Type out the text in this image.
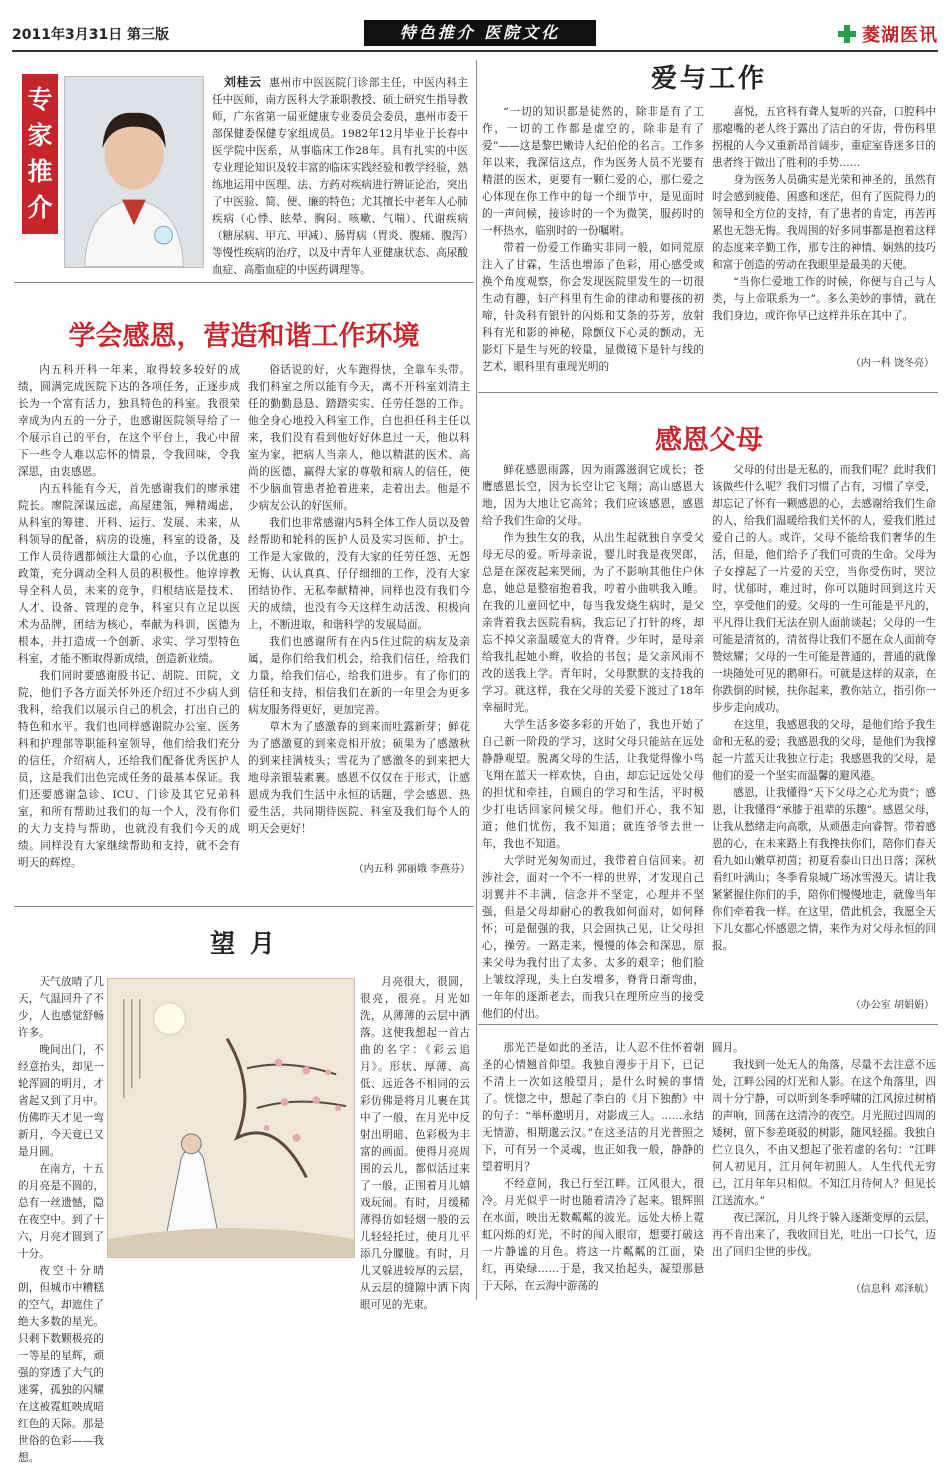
2011年3月31日 第三版	特色推介 医院文化	菱湖医讯
专家推介
刘桂云 惠州市中医医院门诊部主任，中医内科主任中医师，南方医科大学兼职教授、硕士研究生指导教师，广东省第一届亚健康专业委员会委员，惠州市委干部保健委保健专家组成员。1982年12月毕业于长春中医学院中医系，从事临床工作28年。具有扎实的中医专业理论知识及较丰富的临床实践经验和教学经验，熟练地运用中医理、法、方药对疾病进行辨证论治，突出了中医验、简、便、廉的特色；尤其擅长中老年人心肺疾病（心悸、眩晕、胸闷、咳嗽、气喘）、代谢疾病（糖尿病、甲亢、甲减）、肠胃病（胃炎、腹痛、腹泻）等慢性疾病的治疗，以及中青年人亚健康状态、高尿酸血症、高脂血症的中医药调理等。
学会感恩，营造和谐工作环境

内五科开科一年来，取得较多较好的成绩，圆满完成医院下达的各项任务，正逐步成长为一个富有活力，独具特色的科室。我很荣幸成为内五的一分子，也感谢医院领导给了一个展示自己的平台，在这个平台上，我心中留下一些令人难以忘怀的情景，令我回味，令我深思，由衷感恩。

内五科能有今天，首先感谢我们的廖承建院长。廖院深谋远虑，高屋建瓴，殚精竭虑，从科室的筹建、开科、运行、发展、未来，从科领导的配备，病房的设施，科室的设备，及工作人员待遇都倾注大量的心血，予以优惠的政策，充分调动全科人员的积极性。他谆谆教导全科人员，未来的竞争，归根结底是技术、人才、设备、管理的竞争，科室只有立足以医术为品牌，团结为核心，奉献为科训，医德为根本，并打造成一个创新、求实、学习型特色科室，才能不断取得新成绩，创造新业绩。

我们同时要感谢股书记、胡院、田院，文院，他们予各方面关怀外还介绍过不少病人到我科，给我们以展示自己的机会，打出自己的特色和水平。我们也同样感谢院办公室、医务科和护理部等职能科室领导，他们给我们充分的信任，介绍病人，还给我们配备优秀医护人员，这是我们出色完成任务的最基本保证。我们还要感谢急诊、ICU、门诊及其它兄弟科室，和所有帮助过我们的每一个人，没有你们的大力支持与帮助，也就没有我们今天的成绩。同样没有大家继续帮助和支持，就不会有明天的辉煌。

俗话说的好，火车跑得快，全靠车头带。我们科室之所以能有今天，离不开科室刘清主任的勤勤恳恳、踏踏实实、任劳任怨的工作。他全身心地投入科室工作，白也担任科主任以来，我们没有看到他好好休息过一天，他以科室为家，把病人当亲人，他以精湛的医术、高尚的医德，赢得大家的尊敬和病人的信任，使不少脑血管患者抢着进来，走着出去。他是不少病友公认的好医师。

我们也非常感谢内5科全体工作人员以及曾经帮助和轮科的医护人员及实习医师、护士。工作是大家做的，没有大家的任劳任怨、无怨无悔、认认真真、仔仔细细的工作，没有大家团结协作、无私奉献精神，同样也没有我们今天的成绩，也没有今天这样生动活泼、积极向上，不断进取，和谐科学的发展局面。

我们也感谢所有在内5住过院的病友及亲属，是你们给我们机会，给我们信任，给我们力量，给我们信心，给我们进步。有了你们的信任和支持，相信我们在新的一年里会为更多病友服务得更好，更加完善。

草木为了感激春的到来而吐露新芽；鲜花为了感激夏的到来竞相开放；硕果为了感激秋的到来挂满枝头；雪花为了感激冬的到来把大地母亲银装素裹。感恩不仅仅在于形式，让感恩成为我们生活中永恒的话题，学会感恩、热爱生活，共同期待医院、科室及我们每个人的明天会更好！

（内五科 郭丽娥 李燕芬）
爱与工作

“一切的知识都是徒然的，除非是有了工作，一切的工作都是虚空的，除非是有了爱”——这是黎巴嫩诗人纪伯伦的名言。工作多年以来，我深信这点，作为医务人员不光要有精湛的医术，更要有一颗仁爱的心，那仁爱之心体现在你工作中的每一个细节中，是见面时的一声问候，接诊时的一个为微笑，服药时的一杯热水，临别时的一份嘱咐。

带着一份爱工作确实非同一般，如同荒原注入了甘霖，生活也增添了色彩，用心感受或换个角度观察，你会发现医院里发生的一切很生动有趣，妇产科里有生命的律动和婴孩的初啼，针灸科有银针的闪烁和艾条的芬芳，放射科有光和影的神秘，除颤仪下心灵的颤动，无影灯下是生与死的较量，显微镜下是针与线的艺术，眼科里有重现光明的

喜悦，五官科有聋人复听的兴奋，口腔科中那瘪嘴的老人终于露出了洁白的牙齿，骨伤科里拐棍的人今又重新昂首阔步，重症室昏迷多日的患者终于做出了胜利的手势……

身为医务人员确实是光荣和神圣的，虽然有时会感到疲倦、困惑和迷茫，但有了医院得力的领导和全方位的支持，有了患者的肯定，再苦再累也无怨无悔。我周围的好多同事都是抱着这样的态度来辛勤工作，那专注的神情、娴熟的技巧和富于创造的劳动在我眼里是最美的天使。

“当你仁爱地工作的时候，你便与自己与人类，与上帝联系为一”。多么美妙的事情，就在我们身边，或许你早已这样并乐在其中了。

（内一科 饶冬亮）
感恩父母

鲜花感恩雨露，因为雨露滋润它成长；苍鹰感恩长空，因为长空让它飞翔；高山感恩大地，因为大地让它高耸；我们应该感恩，感恩给予我们生命的父母。

作为独生女的我，从出生起就独自享受父母无尽的爱。听母亲说，婴儿时我是夜哭郎，总是在深夜起来哭闹，为了不影响其他住户休息，她总是整宿抱着我，哼着小曲哄我入睡。在我的儿童回忆中，每当我发烧生病时，是父亲背着我去医院看病，我忘记了打针的疼，却忘不掉父亲温暖宽大的背脊。少年时，是母亲给我扎起她小辫，收拾的书包；是父亲风雨不改的送我上学。青年时，父母默默的支持我的学习。就这样，我在父母的关爱下渡过了18年幸福时光。

大学生活多姿多彩的开始了，我也开始了自己新一阶段的学习，这时父母只能站在远处静静观望。脱离父母的生活，让我觉得像小鸟飞翔在蓝天一样欢快，自由，却忘记远处父母的担忧和牵挂，自顾自的学习和生活，平时极少打电话回家问候父母。他们开心，我不知道；他们忧伤，我不知道；就连爷爷去世一年，我也不知道。

大学时光匆匆而过，我带着自信回来。初涉社会，面对一个不一样的世界，才发现自己羽翼并不丰满，信念并不坚定，心理并不坚强，但是父母却耐心的教我如何面对，如何释怀；可是倔强的我，只会固执己见，让父母担心，操劳。一路走来，慢慢的体会和深思，原来父母为我付出了太多、太多的艰辛；他们脸上皱纹浮现，头上白发增多，脊背日渐弯曲，一年年的逐渐老去，而我只在理所应当的接受他们的付出。

父母的付出是无私的，而我们呢？此时我们该做些什么呢？我们习惯了占有，习惯了享受，却忘记了怀有一颗感恩的心，去感谢给我们生命的人，给我们温暖给我们关怀的人，爱我们胜过爱自己的人。或许，父母不能给我们奢华的生活，但是，他们给予了我们可贵的生命。父母为子女撑起了一片爱的天空，当你受伤时，哭泣时，忧郁时，难过时，你可以随时回到这片天空，享受他们的爱。父母的一生可能是平凡的，平凡得让我们无法在别人面前谈起；父母的一生可能是清贫的，清贫得让我们不愿在众人面前夸赞炫耀；父母的一生可能是普通的，普通的就像一块随处可见的鹅卵石。可就是这样的双亲，在你跌倒的时候，扶你起来，教你站立，指引你一步步走向成功。

在这里，我感恩我的父母，是他们给予我生命和无私的爱；我感恩我的父母，是他们为我撑起一片蓝天让我独立行走；我感恩我的父母，是他们的爱一个坚实而温馨的避风港。

感恩，让我懂得“天下父母之心尤为贵”；感恩，让我懂得“承膝于祖辈的乐趣”。感恩父母，让我从愁绪走向高歌，从顽愚走向睿智。带着感恩的心，在未来路上有我搀扶你们，陪你们春天看九如山嫩草初茵；初夏看泰山日出日落；深秋看红叶满山；冬季看泉城广场冰雪漫天。请让我紧紧握住你们的手，陪你们慢慢地走，就像当年你们牵着我一样。在这里，借此机会，我愿全天下儿女都心怀感恩之情，来作为对父母永恒的回报。

（办公室 胡娟娟）
望 月

天气放晴了几天，气温回升了不少，人也感觉舒畅许多。

晚间出门，不经意抬头，却见一轮浑圆的明月，才省起又到了月中。仿佛昨天才见一弯新月，今天竟已又是月圆。

在南方，十五的月亮是不圆的，总有一丝遗憾，隐在夜空中。到了十六，月亮才圆到了十分。

夜空十分晴朗，但城市中糟糕的空气，却遮住了绝大多数的星光。只剩下数颗极亮的一等星的星辉，顽强的穿透了大气的迷雾，孤独的闪耀在这被霓虹映成暗红色的天际。那是世俗的色彩——我想。

月亮很大，很圆，很亮，很亮。月光如洗，从薄薄的云层中洒落。这使我想起一首古曲的名字：《彩云追月》。形状、厚薄、高低、远近各不相同的云彩仿佛是将月儿裹在其中了一般，在月光中反射出明暗、色彩极为丰富的画面。使得月亮周围的云儿，都似活过来了一般，正围着月儿嬉戏玩闹。有时，月缓稀薄得仿如轻烟一般的云儿轻轻托过，使月儿平添几分朦胧。有时，月儿又躲进较厚的云层，从云层的缝隙中洒下肉眼可见的光束。

那光芒是如此的圣洁，让人忍不住怀着朝圣的心情翘首仰望。我独自漫步于月下，已记不清上一次如这般望月，是什么时候的事情了。恍惚之中，想起了李白的《月下独酌》中的句子：“举杯邀明月，对影成三人。……永结无情游，相期邈云汉。”在这圣洁的月光普照之下，可有另一个灵魂，也正如我一般，静静的望着明月？

不经意间，我已行至江畔。江风很大，很冷。月光似乎一时也随着清冷了起来。银辉照在水面，映出无数粼粼的波光。远处大桥上霓虹闪烁的灯光，不时的闯入眼帘，想要打破这一片静谧的月色。将这一片粼粼的江面，染红，再染绿……于是，我又抬起头，凝望那悬于天际，在云海中游荡的

圆月。

我找到一处无人的角落，尽量不去注意不远处，江畔公园的灯光和人影。在这个角落里，四周十分宁静，可以听到冬季呼啸的江风掠过树梢的声响，回荡在这清冷的夜空。月光照过四周的矮树，留下参差斑驳的树影，随风轻摇。我独自伫立良久，不由又想起了张若虚的名句：“江畔何人初见月，江月何年初照人。人生代代无穷已，江月年年只相似。不知江月待何人？但见长江送流水。”

夜已深沉，月儿终于躲入逐渐变厚的云层，再不肯出来了，我收回目光，吐出一口长气，迈出了回归尘世的步伐。

（信息科 邓泽航）
